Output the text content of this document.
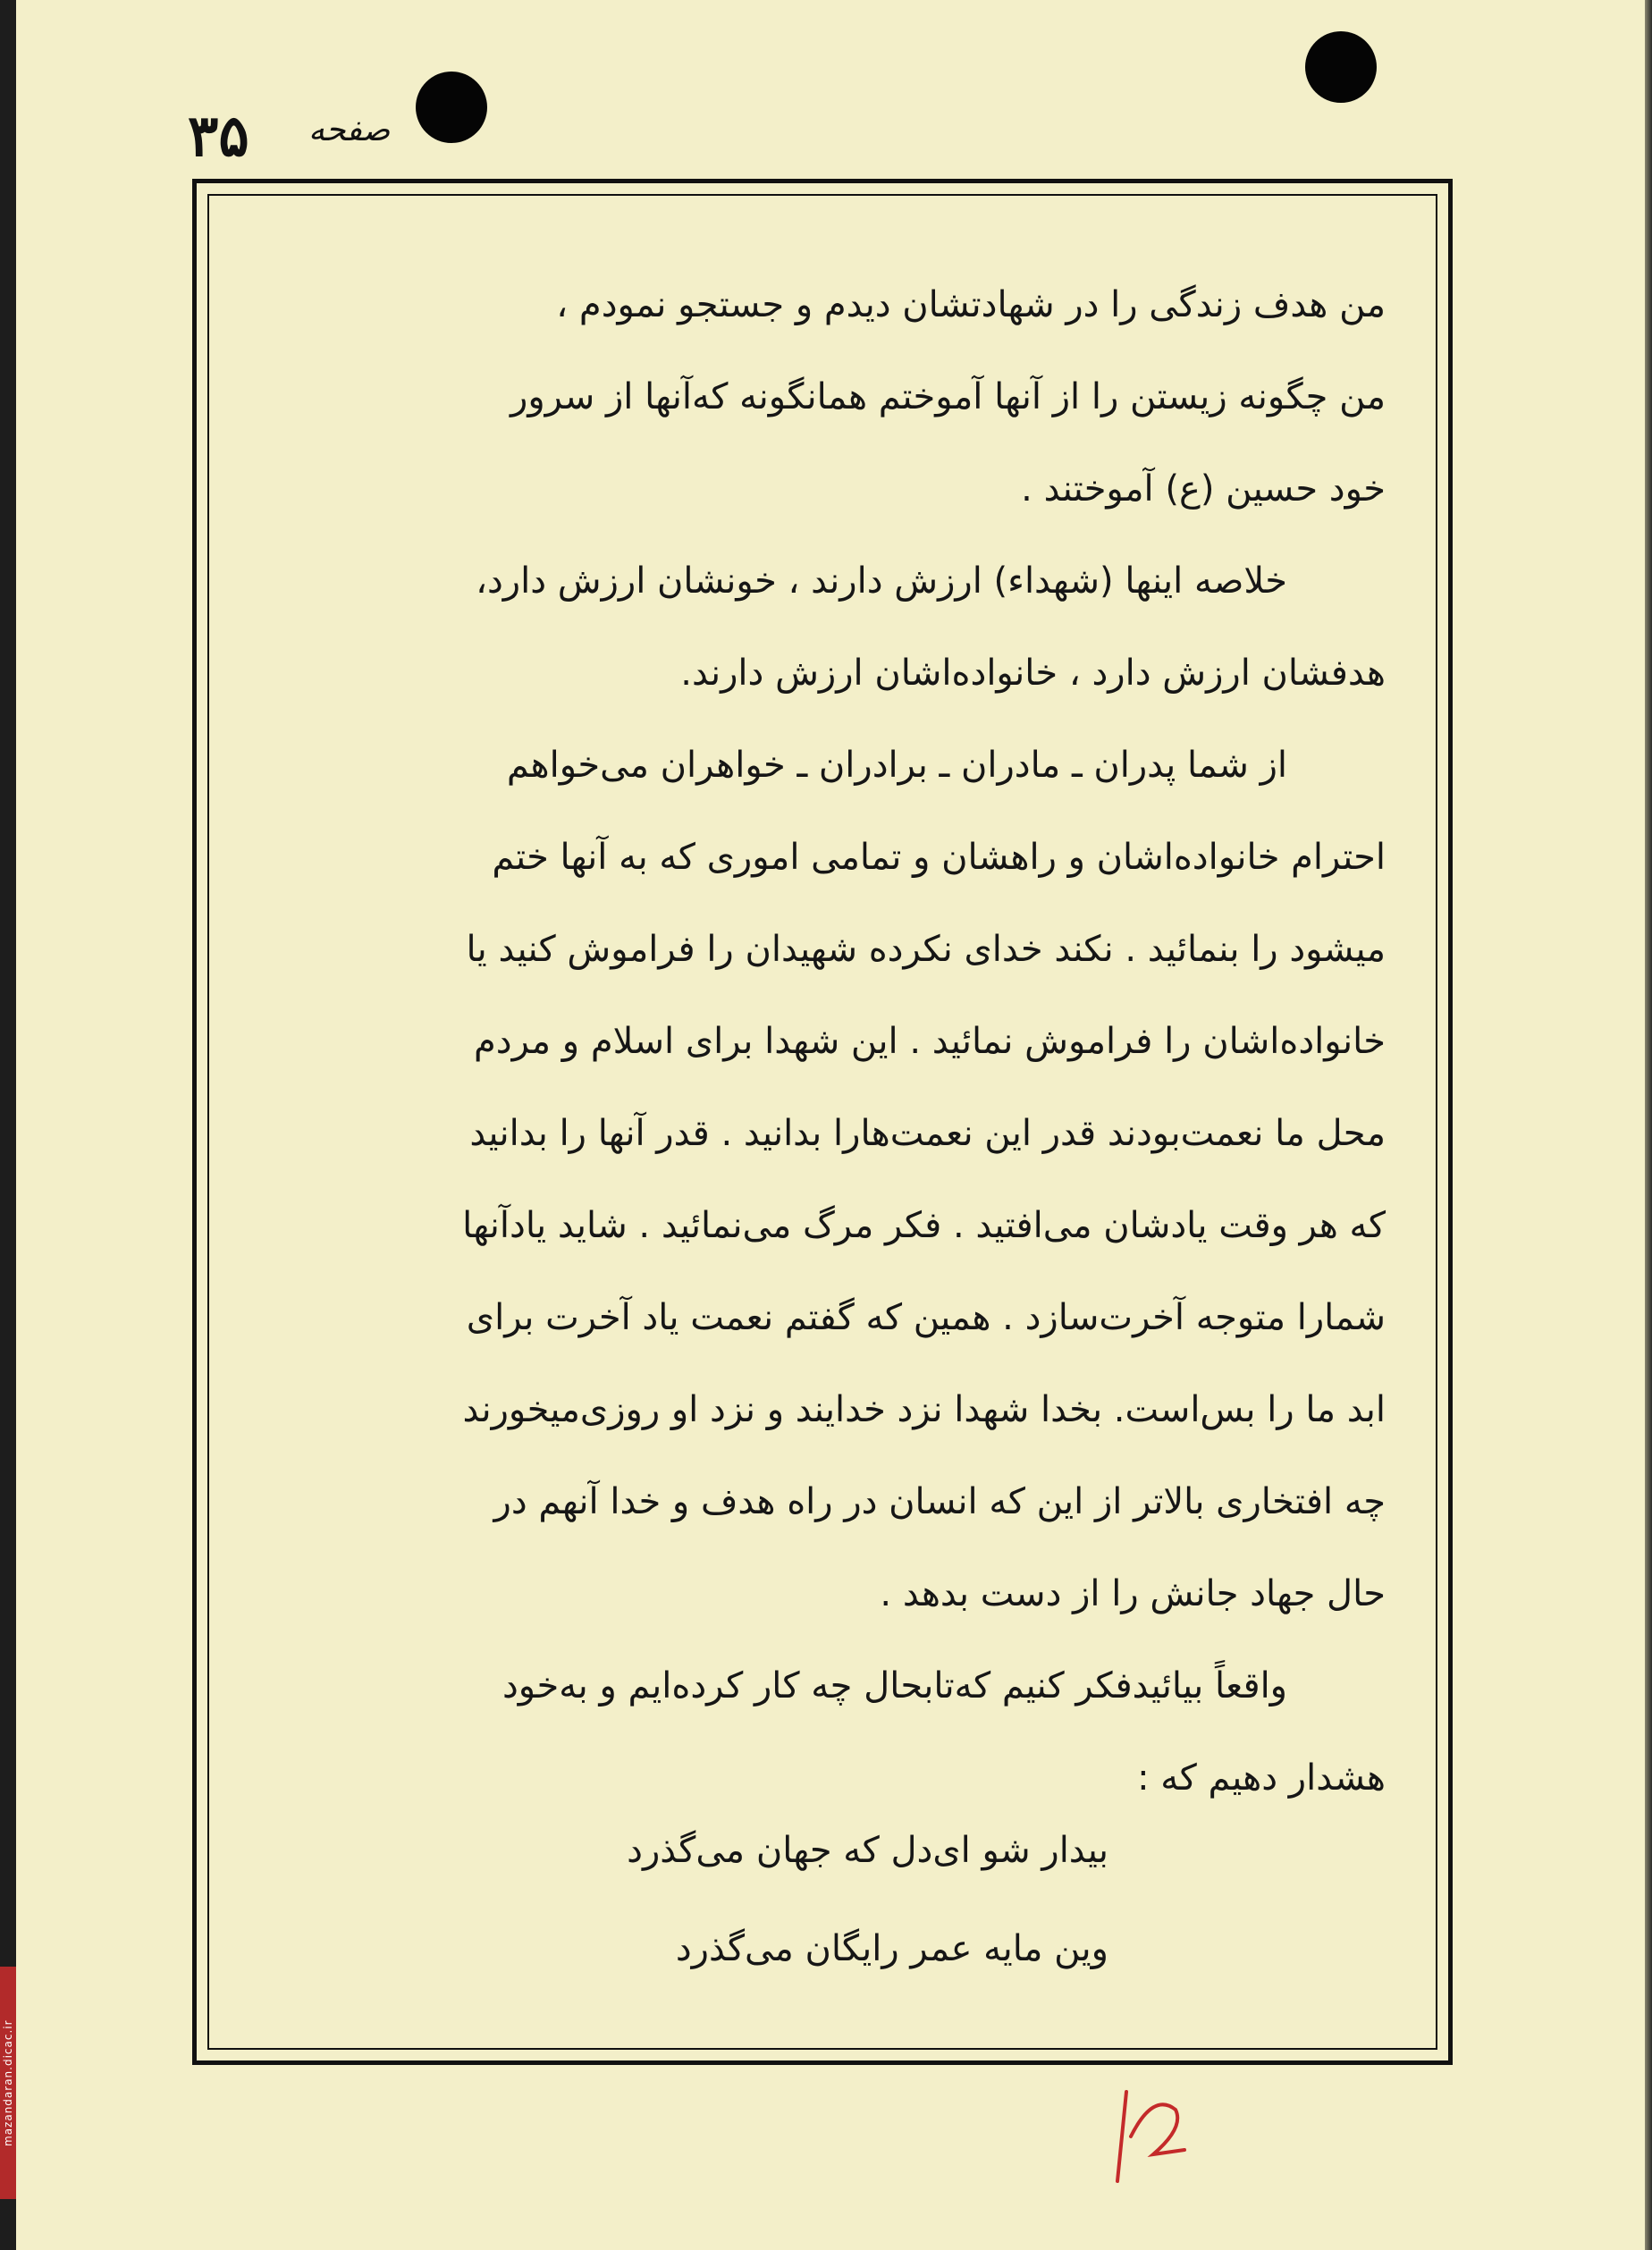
mazandaran.dicac.ir
۳۵ صفحه
من هدف زندگی را در شهادتشان دیدم و جستجو نمودم ،
من چگونه زیستن را از آنها آموختم همانگونه که‌آنها از سرور
خود حسین (ع) آموختند .
خلاصه اینها (شهداء) ارزش دارند ، خونشان ارزش دارد،
هدفشان ارزش دارد ، خانواده‌اشان ارزش دارند.
از شما پدران ـ مادران ـ برادران ـ خواهران می‌خواهم
احترام خانواده‌اشان و راهشان و تمامی اموری که به آنها ختم
میشود را بنمائید . نکند خدای نکرده شهیدان را فراموش کنید یا
خانواده‌اشان را فراموش نمائید . این شهدا برای اسلام و مردم
محل ما نعمت‌بودند قدر این نعمت‌هارا بدانید . قدر آنها را بدانید
که هر وقت یادشان می‌افتید . فکر مرگ می‌نمائید . شاید یادآنها
شمارا متوجه آخرت‌سازد . همین که گفتم نعمت یاد آخرت برای
ابد ما را بس‌است. بخدا شهدا نزد خدایند و نزد او روزی‌میخورند
چه افتخاری بالاتر از این که انسان در راه هدف و خدا آنهم در
حال جهاد جانش را از دست بدهد .
واقعاً بیائیدفکر کنیم که‌تابحال چه کار کرده‌ایم و به‌خود
هشدار دهیم که :
بیدار شو ای‌دل که جهان می‌گذرد
وین مایه عمر رایگان می‌گذرد
